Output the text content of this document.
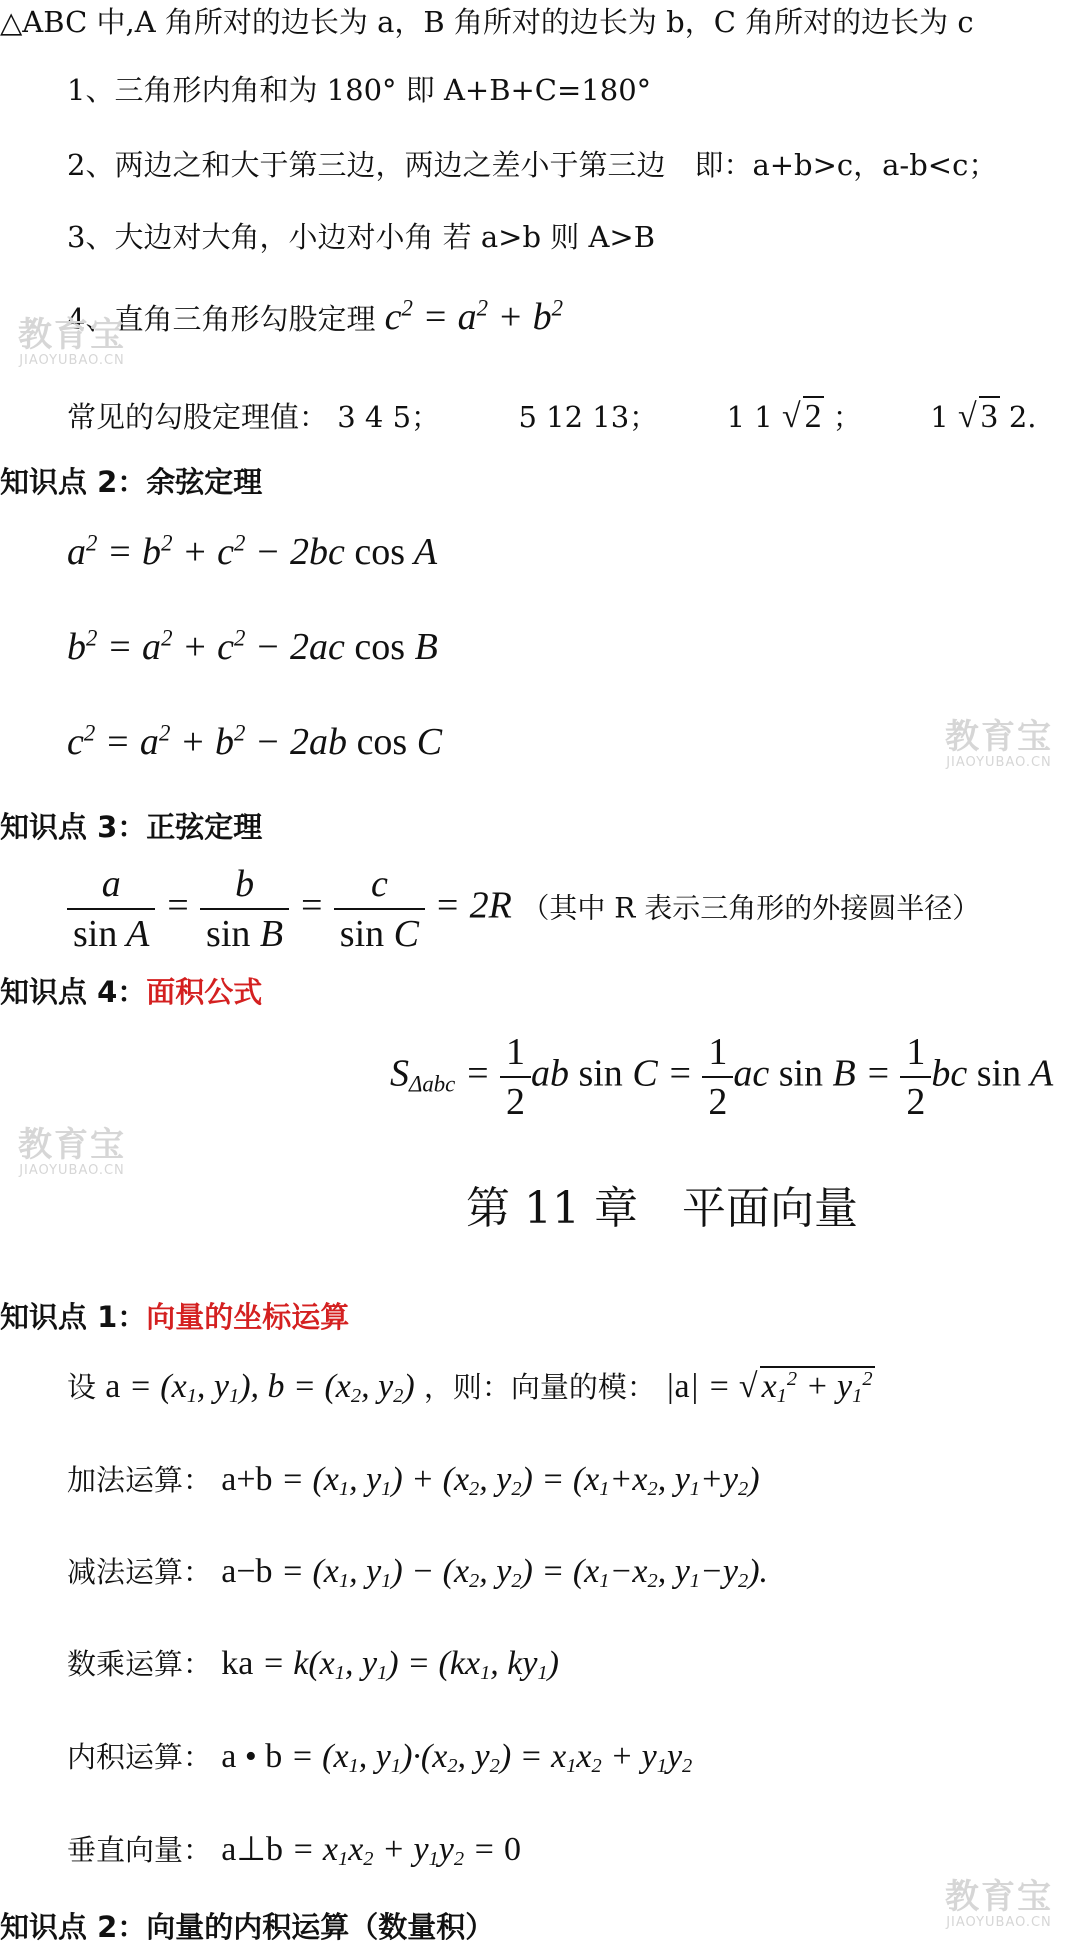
△ABC 中,A 角所对的边长为 a，B 角所对的边长为 b，C 角所对的边长为 c
1、三角形内角和为 180° 即 A+B+C=180°
2、两边之和大于第三边，两边之差小于第三边　即：a+b>c，a-b<c；
3、大边对大角，小边对小角 若 a>b 则 A>B
4、直角三角形勾股定理 $c^2 = a^2 + b^2$
常见的勾股定理值： 3 4 5；	5 12 13； 1 1 √ 2 ； 1 √ 3 2.
知识点 2：余弦定理
$a^2 = b^2 + c^2 - 2bc$ cos A
$b^2 = a^2 + c^2 - 2ac$ cos B
$c^2 = a^2 + b^2 - 2ab$ cos C
知识点 3：正弦定理
$\frac{a}{\text{sin A}} = \frac{b}{\text{sin B}} = \frac{c}{\text{sin C}} = 2R$ （其中 R 表示三角形的外接圆半径）
知识点 4：面积公式
$S_{\Delta abc} = \frac{1}{2}$ ab $\sin C = \frac{1}{2}$ ac $\sin B = \frac{1}{2}$ bc sin A
第 11 章　平面向量
知识点 1：向量的坐标运算
设 $a = (x_1$, $y_1$), $b = (x_2$, $y_2$) ，则：向量的模： |a| = √ $x_1^2 + y_1^2$
加法运算： $a+b = (x_1$, $y_1) + (x_2$, $y_2) = (x_1+x_2$, $y_1+y_2$)
减法运算： $a-b = (x_1$, $y_1) - (x_2$, $y_2) = (x_1-x_2$, $y_1-y_2$).
数乘运算： ka = $k(x_1$, $y_1) = (kx_1$, $ky_1$)
内积运算： a • $b = (x_1$, $y_1)\cdot(x_2$, $y_2) = x_1x_2 + y_1y_2$
垂直向量： a⊥b = $x_1x_2 + y_1y_2 = 0$
知识点 2：向量的内积运算（数量积）
教育宝
JIAOYUBAO.CN
教育宝
JIAOYUBAO.CN
教育宝
JIAOYUBAO.CN
教育宝
JIAOYUBAO.CN
